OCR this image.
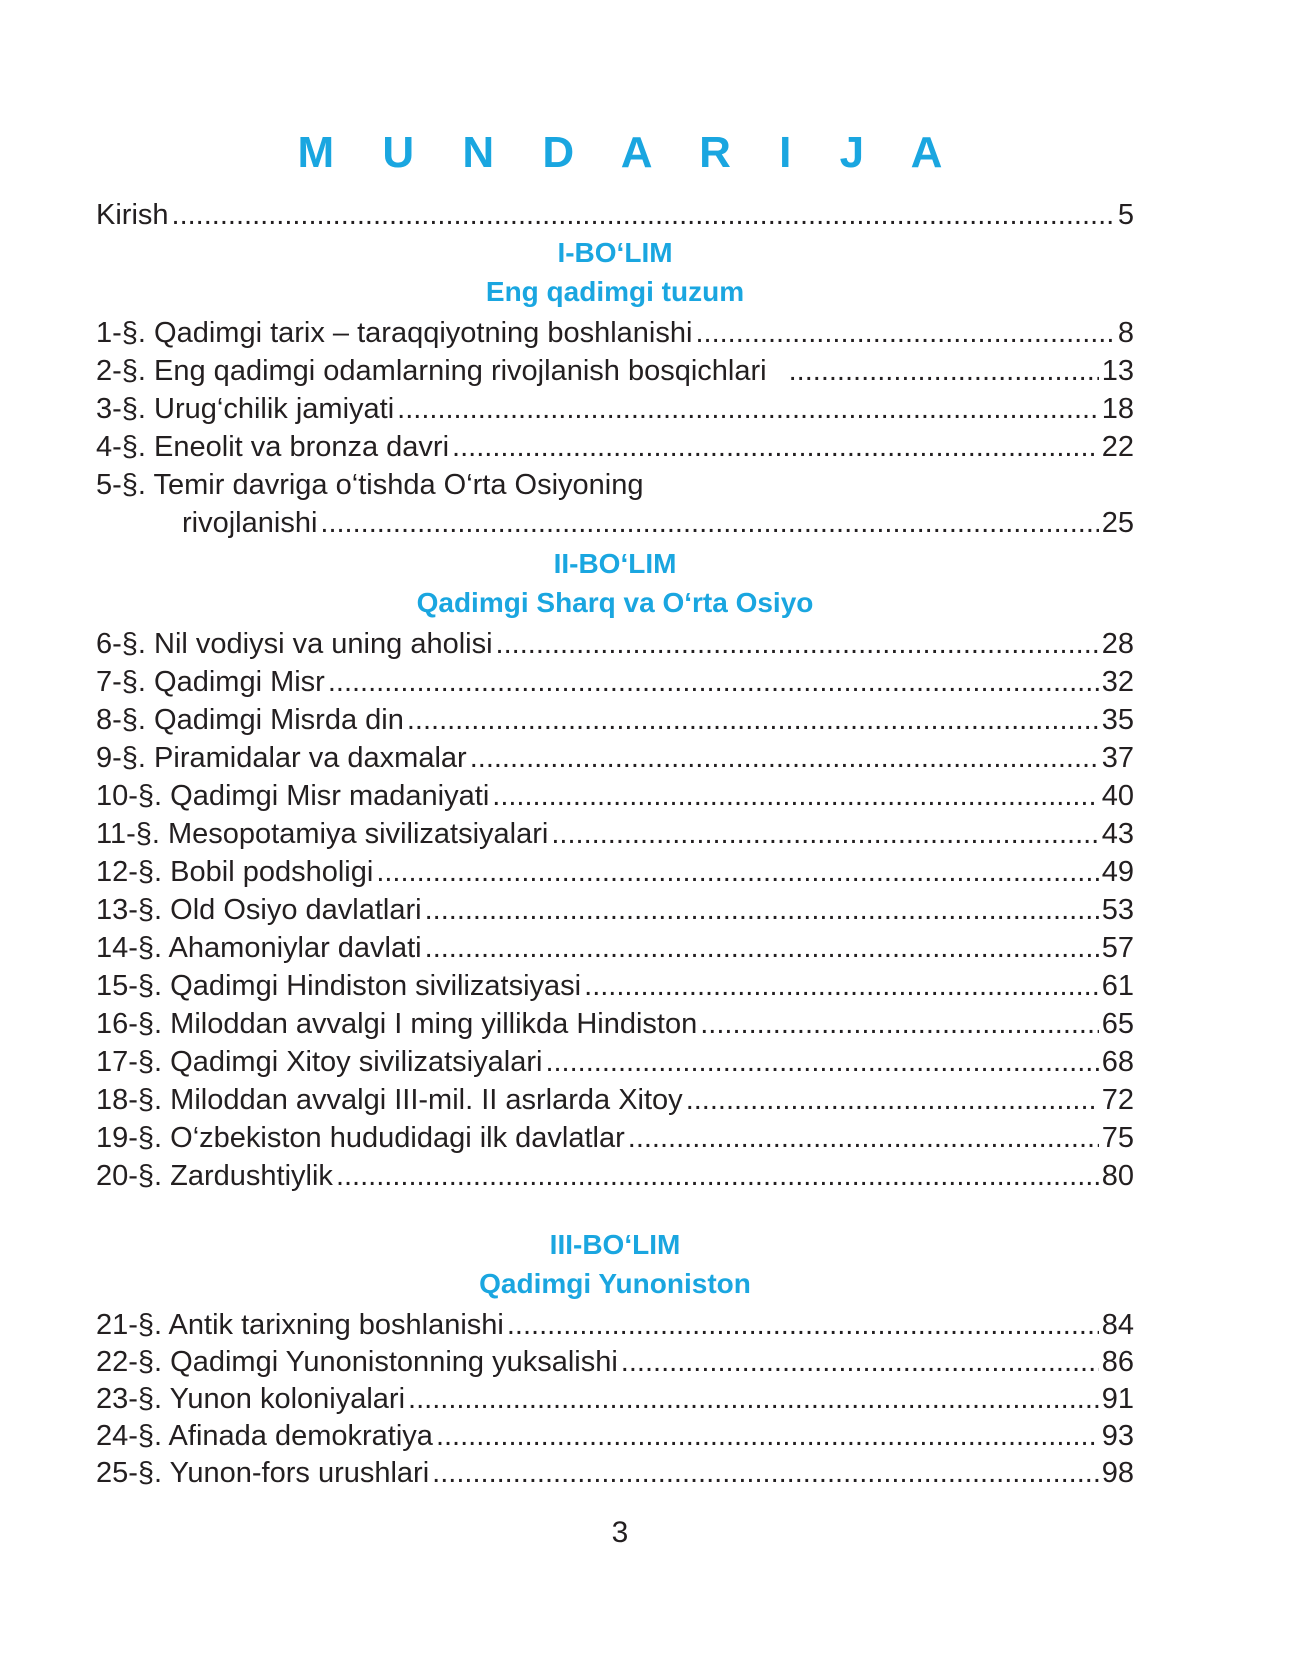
M U N D A R I J A
Kirish .....	5
I-BO‘LIM
Eng qadimgi tuzum
1-§. Qadimgi tarix – taraqqiyotning boshlanishi .....	8
2-§. Eng qadimgi odamlarning rivojlanish bosqichlari .....	13
3-§. Urug‘chilik jamiyati .....	18
4-§. Eneolit va bronza davri .....	22
5-§. Temir davriga o‘tishda O‘rta Osiyoning
rivojlanishi .....	25
II-BO‘LIM
Qadimgi Sharq va O‘rta Osiyo
6-§. Nil vodiysi va uning aholisi .....	28
7-§. Qadimgi Misr .....	32
8-§. Qadimgi Misrda din .....	35
9-§. Piramidalar va daxmalar .....	37
10-§. Qadimgi Misr madaniyati .....	40
11-§. Mesopotamiya sivilizatsiyalari .....	43
12-§. Bobil podsholigi .....	49
13-§. Old Osiyo davlatlari .....	53
14-§. Ahamoniylar davlati .....	57
15-§. Qadimgi Hindiston sivilizatsiyasi .....	61
16-§. Miloddan avvalgi I ming yillikda Hindiston .....	65
17-§. Qadimgi Xitoy sivilizatsiyalari .....	68
18-§. Miloddan avvalgi III-mil. II asrlarda Xitoy .....	72
19-§. O‘zbekiston hududidagi ilk davlatlar .....	75
20-§. Zardushtiylik .....	80
III-BO‘LIM
Qadimgi Yunoniston
21-§. Antik tarixning boshlanishi .....	84
22-§. Qadimgi Yunonistonning yuksalishi .....	86
23-§. Yunon koloniyalari .....	91
24-§. Afinada demokratiya .....	93
25-§. Yunon-fors urushlari .....	98
3
